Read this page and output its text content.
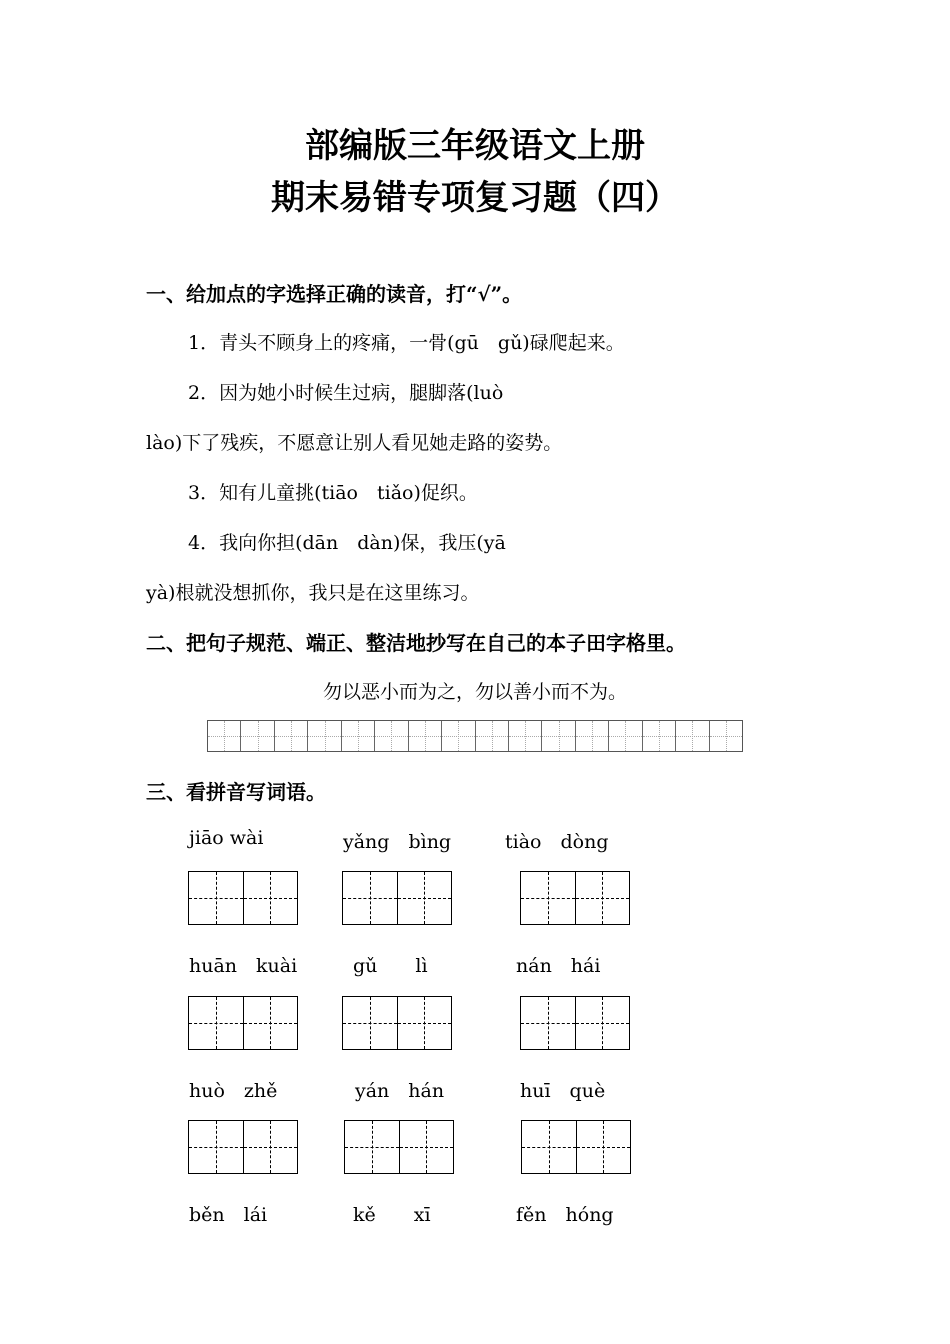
部编版三年级语文上册
期末易错专项复习题（四）
一、给加点的字选择正确的读音，打“√”。
1．青头不顾身上的疼痛，一骨(gū　gǔ)碌爬起来。
2．因为她小时候生过病，腿脚落(luò
lào)下了残疾，不愿意让别人看见她走路的姿势。
3．知有儿童挑(tiāo　tiǎo)促织。
4．我向你担(dān　dàn)保，我压(yā
yà)根就没想抓你，我只是在这里练习。
二、把句子规范、端正、整洁地抄写在自己的本子田字格里。
勿以恶小而为之，勿以善小而不为。
三、看拼音写词语。
jiāo wài	yǎng　bìng	tiào　dòng
huān　kuài	gǔ　　lì	nán　hái
huò　zhě	yán　hán	huī　què
běn　lái	kě　　xī	fěn　hóng
